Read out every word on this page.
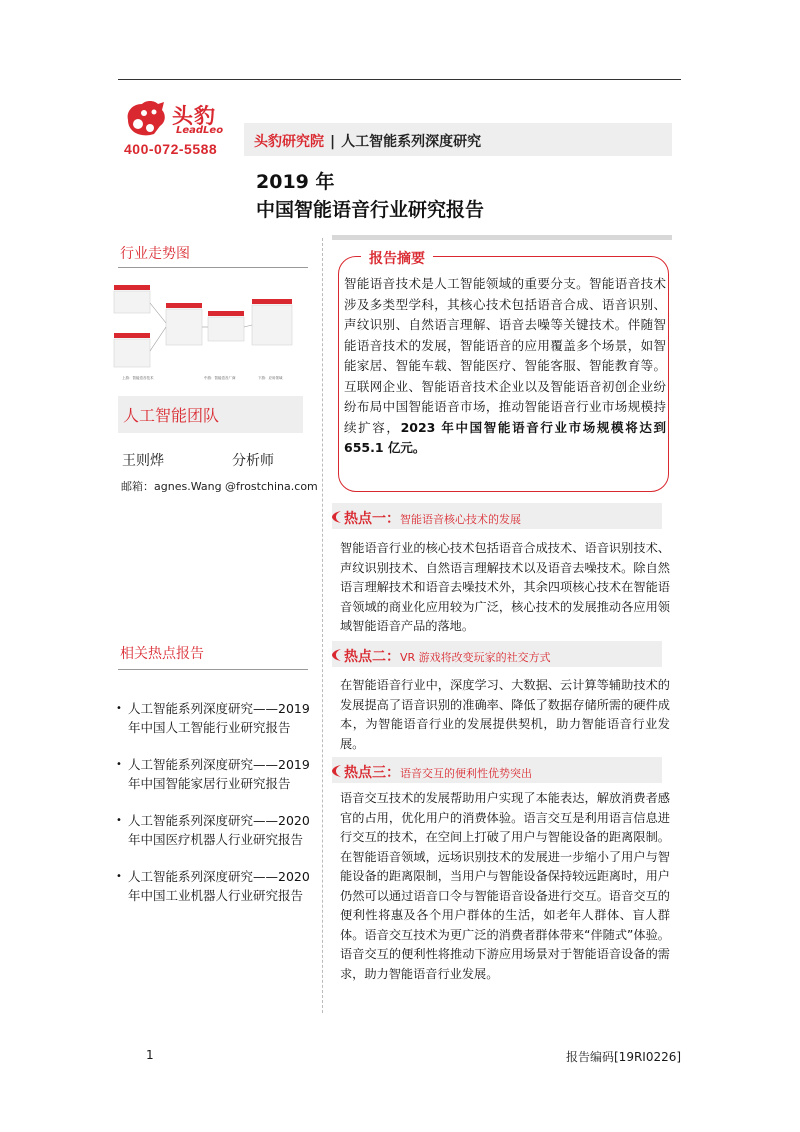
头豹
LeadLeo
400-072-5588	头豹研究院 | 人工智能系列深度研究
2019 年
中国智能语音行业研究报告
行业走势图
上游：智能语音技术	中游：智能语音厂商	下游：应用领域
人工智能团队
王则烨	分析师
邮箱：agnes.Wang @frostchina.com
相关热点报告
• 人工智能系列深度研究——2019 年中国人工智能行业研究报告
• 人工智能系列深度研究——2019 年中国智能家居行业研究报告
• 人工智能系列深度研究——2020 年中国医疗机器人行业研究报告
• 人工智能系列深度研究——2020 年中国工业机器人行业研究报告
报告摘要
智能语音技术是人工智能领域的重要分支。智能语音技术涉及多类型学科，其核心技术包括语音合成、语音识别、声纹识别、自然语言理解、语音去噪等关键技术。伴随智能语音技术的发展，智能语音的应用覆盖多个场景，如智能家居、智能车载、智能医疗、智能客服、智能教育等。互联网企业、智能语音技术企业以及智能语音初创企业纷纷布局中国智能语音市场，推动智能语音行业市场规模持续扩容，2023 年中国智能语音行业市场规模将达到 655.1 亿元。
热点一：智能语音核心技术的发展
智能语音行业的核心技术包括语音合成技术、语音识别技术、声纹识别技术、自然语言理解技术以及语音去噪技术。除自然语言理解技术和语音去噪技术外，其余四项核心技术在智能语音领域的商业化应用较为广泛，核心技术的发展推动各应用领域智能语音产品的落地。
热点二：VR 游戏将改变玩家的社交方式
在智能语音行业中，深度学习、大数据、云计算等辅助技术的发展提高了语音识别的准确率、降低了数据存储所需的硬件成本，为智能语音行业的发展提供契机，助力智能语音行业发展。
热点三：语音交互的便利性优势突出
语音交互技术的发展帮助用户实现了本能表达，解放消费者感官的占用，优化用户的消费体验。语言交互是利用语言信息进行交互的技术，在空间上打破了用户与智能设备的距离限制。在智能语音领域，远场识别技术的发展进一步缩小了用户与智能设备的距离限制，当用户与智能设备保持较远距离时，用户仍然可以通过语音口令与智能语音设备进行交互。语音交互的便利性将惠及各个用户群体的生活，如老年人群体、盲人群体。语音交互技术为更广泛的消费者群体带来“伴随式”体验。语音交互的便利性将推动下游应用场景对于智能语音设备的需求，助力智能语音行业发展。
1	报告编码[19RI0226]
